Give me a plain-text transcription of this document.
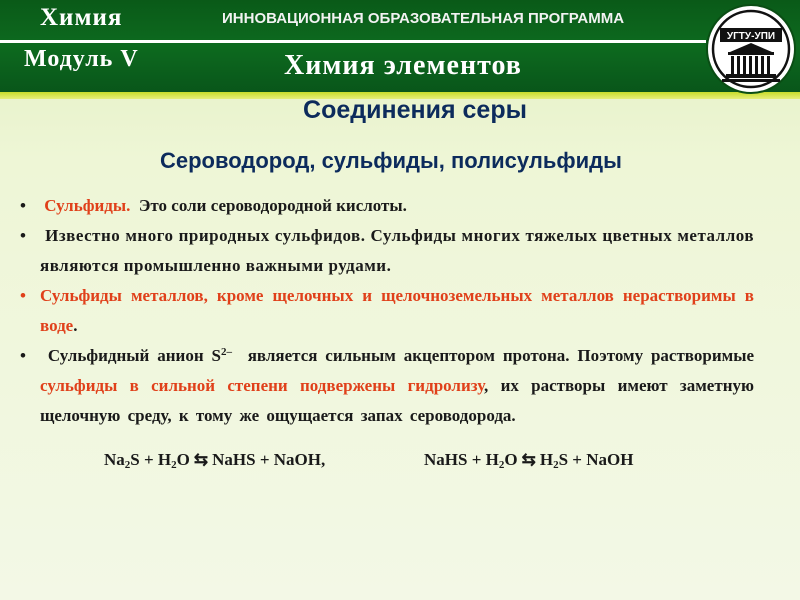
Химия	ИННОВАЦИОННАЯ ОБРАЗОВАТЕЛЬНАЯ ПРОГРАММА
Модуль V	Химия элементов
УГТУ-УПИ
Соединения серы
Сероводород, сульфиды, полисульфиды
• Сульфиды. Это соли сероводородной кислоты.
• Известно много природных сульфидов. Сульфиды многих тяжелых цветных металлов являются промышленно важными рудами.
• Сульфиды металлов, кроме щелочных и щелочноземельных металлов нерастворимы в воде.
• Сульфидный анион $S^{2-}$ является сильным акцептором протона. Поэтому растворимые сульфиды в сильной степени подвержены гидролизу, их растворы имеют заметную щелочную среду, к тому же ощущается запах сероводорода.
$Na_2S + H_2O$ ⇆ NaHS + NaOH,	NaHS + $H_2O$ ⇆ $H_2S$ + NaOH
